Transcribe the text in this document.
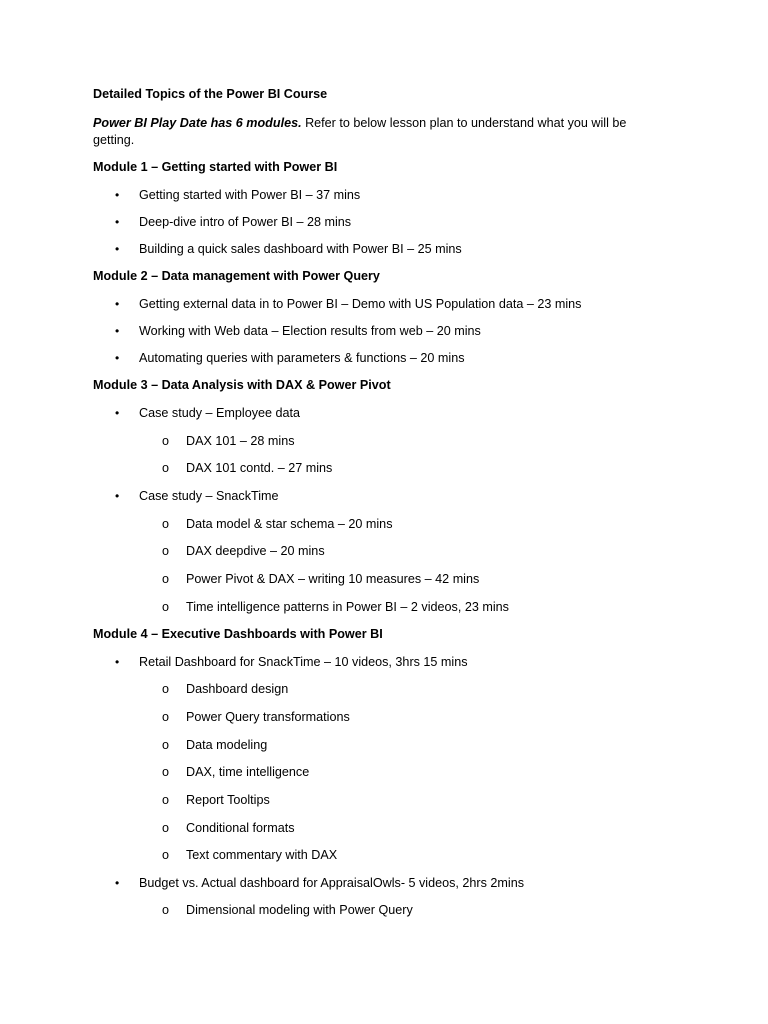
Detailed Topics of the Power BI Course
Power BI Play Date has 6 modules. Refer to below lesson plan to understand what you will be getting.
Module 1 – Getting started with Power BI
• Getting started with Power BI – 37 mins
• Deep-dive intro of Power BI – 28 mins
• Building a quick sales dashboard with Power BI – 25 mins
Module 2 – Data management with Power Query
• Getting external data in to Power BI – Demo with US Population data – 23 mins
• Working with Web data – Election results from web – 20 mins
• Automating queries with parameters & functions – 20 mins
Module 3 – Data Analysis with DAX & Power Pivot
• Case study – Employee data
o DAX 101 – 28 mins
o DAX 101 contd. – 27 mins
• Case study – SnackTime
o Data model & star schema – 20 mins
o DAX deepdive – 20 mins
o Power Pivot & DAX – writing 10 measures – 42 mins
o Time intelligence patterns in Power BI – 2 videos, 23 mins
Module 4 – Executive Dashboards with Power BI
• Retail Dashboard for SnackTime – 10 videos, 3hrs 15 mins
o Dashboard design
o Power Query transformations
o Data modeling
o DAX, time intelligence
o Report Tooltips
o Conditional formats
o Text commentary with DAX
• Budget vs. Actual dashboard for AppraisalOwls- 5 videos, 2hrs 2mins
o Dimensional modeling with Power Query
